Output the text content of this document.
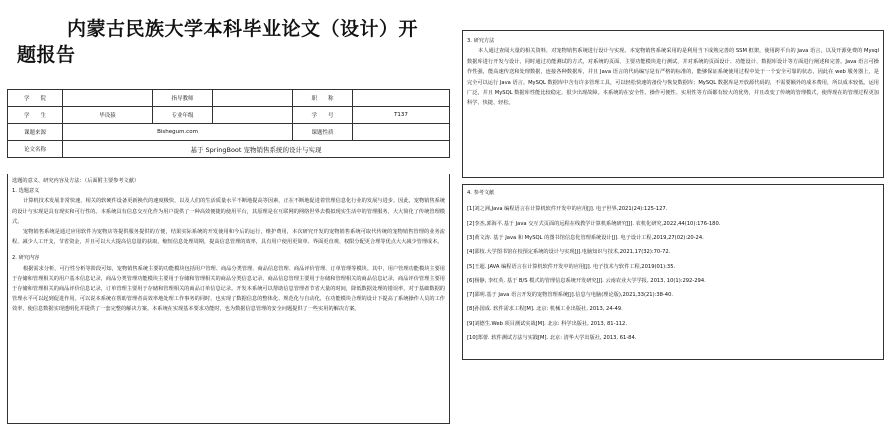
内蒙古民族大学本科毕业论文（设计）开题报告
学　　院		指导教师		职　　称	
学　　生	毕设猿	专业年级		学　　号	T137
课题来源	Bishegum.com			课题性质	
论文名称	基于 SpringBoot 宠物销售系统的设计与实现				

选题的意义、研究内容及方法：（后面附主要参考文献）

1. 选题意义

计算机技术发展非常快速，相关的软硬件设备更新换代的速度极快，以及人们的生活质量水平不断地提高等因素，正在不断地促进着管理信息化行业的发展与进步。因此，宠物销售系统的设计与实现是具有现实和可行性的。本系统具有信息交互化作为用户提供了一种高效便捷的使用平台，其原理是在互联网的网络世界去模拟现实生活中的管理服务，大大简化了传统管理模式。

宠物销售系统是通过应用软件为宠物店等提供服务提供的方便，结果实际系统的开发使用和今后的运行，维护费用，本次研究开发的宠物销售系统可取代传统的宠物销售管理的业务流程，减少人工开支，节省资金，并且可以大大提高信息量的获取，缩短信息处理周期，提高信息管理的效率，具有用户使用更简单、界面更直观、权限分配更合理等优点大大减少管理成本。

2. 研究内容

根据需求分析，可行性分析等阶段可知，宠物销售系统主要的功能模块包括用户管理、商品分类管理、商品信息管理、商品评价管理、订单管理等模块。其中，用户管理功能模块主要用于存储和管理相关的用户基本信息记录，商品分类管理功能模块主要用于存储和管理相关的商品分类信息记录，商品信息管理主要用于存储和管理相关的商品信息记录，商品评价管理主要用于存储和管理相关的商品评价信息记录，订单管理主要用于存储和管理相关的商品订单信息记录。开发本系统可以帮助信息管理者节省大量的时间，降低数据处理的错误率，对于基础数据的管理水平可以起到促进作用。可以说本系统在帮助管理者高效率地处理工作事务的同时，也实现了数据信息的整体化、规范化与自动化，在功能模块合理的设计下提高了系统操作人员的工作效率，使信息数据实现透明化并提供了一套完整的解决方案。本系统在实现基本要求功能时，也为数据信息管理的安全问题提供了一些实用的解决方案。

3. 研究方法

本人通过查阅大量的相关资料，对宠物销售系统进行设计与实现。本宠物销售系统采用的是利用当下成熟完善的 SSM 框架，使用跨平台的 Java 语言，以及开源免费的 Mysql 数据库进行开发与设计，同时通过功能测试的方式，对系统的页面、主要功能模块进行测试，并对系统的页面设计、功能设计、数据库设计等方面进行阐述和完善。Java 语言可操作性强，能高速传送和处理数据，连接各种数据库，并且 Java 语言的代码编写是有严格的标准的，能够保证系统使用过程中处于一个安全可靠的状态，因此在 web 服务器上，是完全可以运行 Java 语言。MySQL 数据库中含有许多管理工具，可以轻松快速的备份与恢复数据库；MySQL 数据库是开放源代码的，不需要额外的成本费用，所以成本较低。运用广泛，并且 MySQL 数据库性能比较稳定，很少出现故障。本系统的在安全性、操作可便性、实用性等方面都有较大的优势，并且改变了传统的管理模式，使得现在的管理过程更加科学、快捷、轻松。

4. 参考文献

[1]刘之洲,Java 编程语言在计算机软件开发中的应用[J]. 电子世界,2021(24):125-127.

[2]李杰,郭海平.基于 Java 交互式页面的远程在线教学计算机系统研究[J]. 农机化研究,2022,44(10):176-180.

[3]黄文涛. 基于 Java 和 MySQL 的图书馆信息化管理系统设计[J]. 电子设计工程,2019,27(02):20-24.

[4]邵枝.大学图书馆在校预定系统的设计与实现[J].电脑知识与技术,2021,17(32):70-72.

[5]王超. JAVA 编程语言在计算机软件开发中的应用[J]. 电子技术与软件工程,2019(01):35.

[6]杨静, 李红英. 基于 B/S 模式的管理信息系统开发研究[J]. 云南农业大学学报, 2013, 10(1):292-294.

[7]邵明.基于 Java 语言开发的宠物管理系统[J].信息与电脑(理论版),2021,33(21):38-40.

[8]孙国成. 软件需求工程[M]. 北京: 机械工业出版社, 2013, 24-49.

[9]刘德生.Web 项目测试实战[M]. 北京: 科学出版社, 2013, 81-112.

[10]郑蕾. 软件测试方法与实践[M]. 北京: 清华大学出版社, 2013, 61-84.
